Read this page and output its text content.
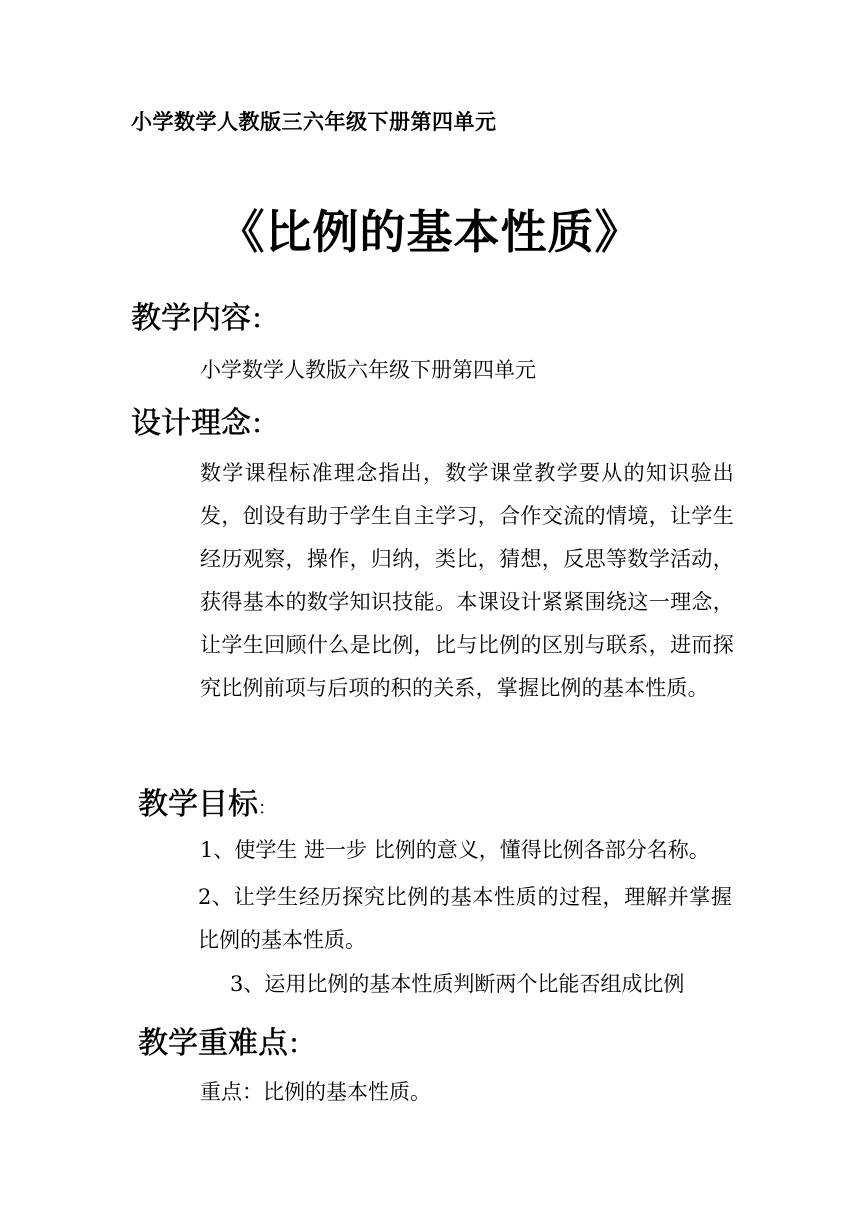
小学数学人教版三六年级下册第四单元
《比例的基本性质》
教学内容：
小学数学人教版六年级下册第四单元
设计理念：
数学课程标准理念指出，数学课堂教学要从的知识验出发，创设有助于学生自主学习，合作交流的情境，让学生经历观察，操作，归纳，类比，猜想，反思等数学活动，获得基本的数学知识技能。本课设计紧紧围绕这一理念，让学生回顾什么是比例，比与比例的区别与联系，进而探究比例前项与后项的积的关系，掌握比例的基本性质。
教学目标：
1、使学生 进一步 比例的意义，懂得比例各部分名称。
2、让学生经历探究比例的基本性质的过程，理解并掌握比例的基本性质。
3、运用比例的基本性质判断两个比能否组成比例
教学重难点：
重点：比例的基本性质。
